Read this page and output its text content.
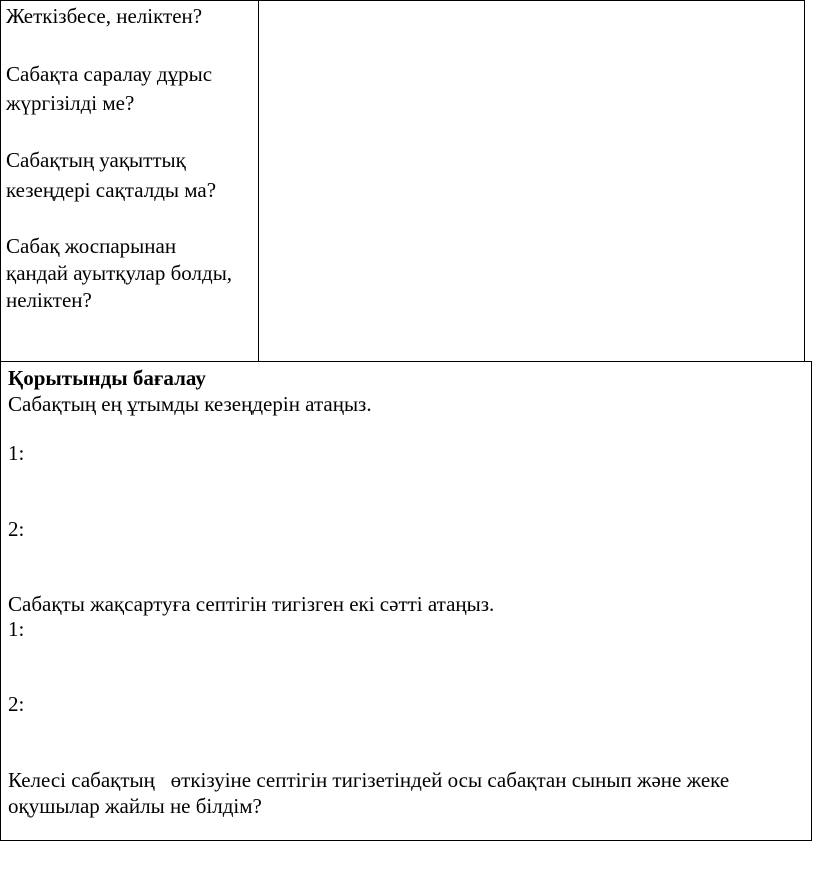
Жеткізбесе, неліктен?

Сабақта саралау дұрыс

жүргізілді ме?

Сабақтың уақыттық

кезеңдері сақталды ма?

Сабақ жоспарынан

қандай ауытқулар болды,

неліктен?

Қорытынды бағалау

Сабақтың ең ұтымды кезеңдерін атаңыз.

1:

2:

Сабақты жақсартуға септігін тигізген екі сәтті атаңыз.

1:

2:

Келесі сабақтың   өткізуіне септігін тигізетіндей осы сабақтан сынып және жеке

оқушылар жайлы не білдім?
